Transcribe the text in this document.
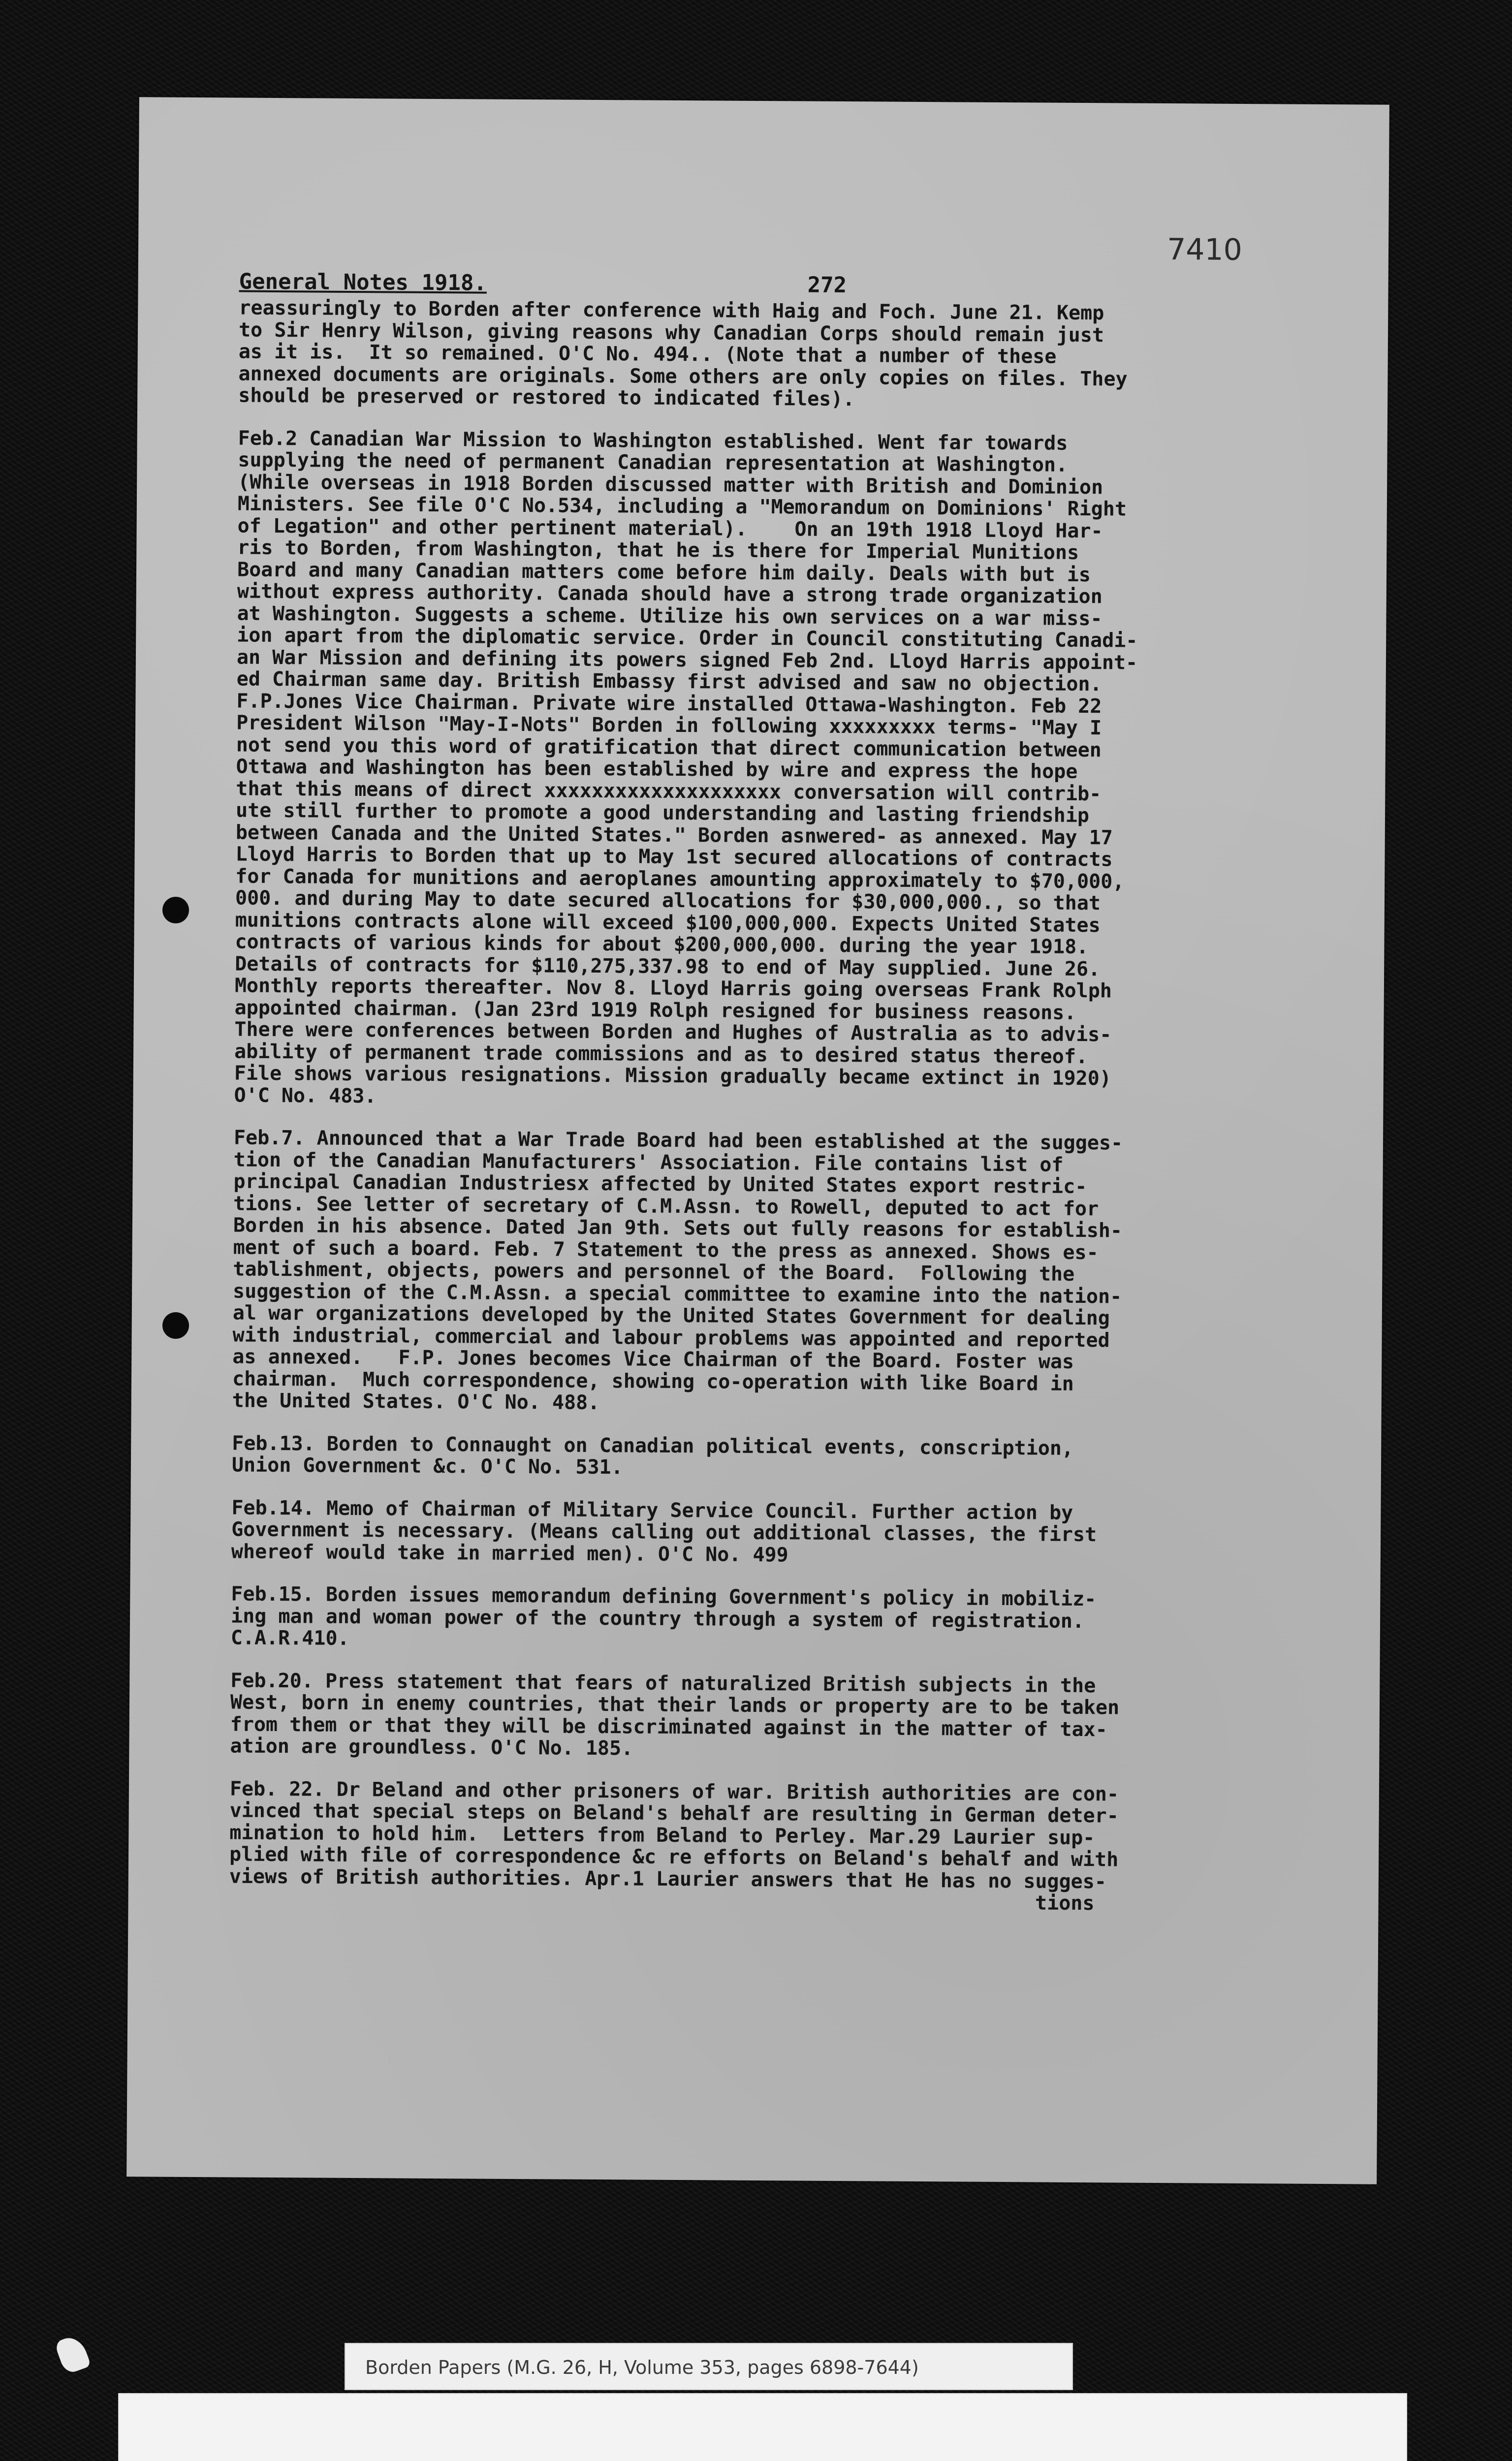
7410
General Notes 1918.	272

reassuringly to Borden after conference with Haig and Foch. June 21. Kemp
to Sir Henry Wilson, giving reasons why Canadian Corps should remain just
as it is.  It so remained. O'C No. 494.. (Note that a number of these
annexed documents are originals. Some others are only copies on files. They
should be preserved or restored to indicated files).

Feb.2 Canadian War Mission to Washington established. Went far towards
supplying the need of permanent Canadian representation at Washington.
(While overseas in 1918 Borden discussed matter with British and Dominion
Ministers. See file O'C No.534, including a "Memorandum on Dominions' Right
of Legation" and other pertinent material).    On an 19th 1918 Lloyd Har-
ris to Borden, from Washington, that he is there for Imperial Munitions
Board and many Canadian matters come before him daily. Deals with but is
without express authority. Canada should have a strong trade organization
at Washington. Suggests a scheme. Utilize his own services on a war miss-
ion apart from the diplomatic service. Order in Council constituting Canadi-
an War Mission and defining its powers signed Feb 2nd. Lloyd Harris appoint-
ed Chairman same day. British Embassy first advised and saw no objection.
F.P.Jones Vice Chairman. Private wire installed Ottawa-Washington. Feb 22
President Wilson "May-I-Nots" Borden in following xxxxxxxxx terms- "May I
not send you this word of gratification that direct communication between
Ottawa and Washington has been established by wire and express the hope
that this means of direct xxxxxxxxxxxxxxxxxxxx conversation will contrib-
ute still further to promote a good understanding and lasting friendship
between Canada and the United States." Borden asnwered- as annexed. May 17
Lloyd Harris to Borden that up to May 1st secured allocations of contracts
for Canada for munitions and aeroplanes amounting approximately to $70,000,
000. and during May to date secured allocations for $30,000,000., so that
munitions contracts alone will exceed $100,000,000. Expects United States
contracts of various kinds for about $200,000,000. during the year 1918.
Details of contracts for $110,275,337.98 to end of May supplied. June 26.
Monthly reports thereafter. Nov 8. Lloyd Harris going overseas Frank Rolph
appointed chairman. (Jan 23rd 1919 Rolph resigned for business reasons.
There were conferences between Borden and Hughes of Australia as to advis-
ability of permanent trade commissions and as to desired status thereof.
File shows various resignations. Mission gradually became extinct in 1920)
O'C No. 483.

Feb.7. Announced that a War Trade Board had been established at the sugges-
tion of the Canadian Manufacturers' Association. File contains list of
principal Canadian Industriesx affected by United States export restric-
tions. See letter of secretary of C.M.Assn. to Rowell, deputed to act for
Borden in his absence. Dated Jan 9th. Sets out fully reasons for establish-
ment of such a board. Feb. 7 Statement to the press as annexed. Shows es-
tablishment, objects, powers and personnel of the Board.  Following the
suggestion of the C.M.Assn. a special committee to examine into the nation-
al war organizations developed by the United States Government for dealing
with industrial, commercial and labour problems was appointed and reported
as annexed.   F.P. Jones becomes Vice Chairman of the Board. Foster was
chairman.  Much correspondence, showing co-operation with like Board in
the United States. O'C No. 488.

Feb.13. Borden to Connaught on Canadian political events, conscription,
Union Government &c. O'C No. 531.

Feb.14. Memo of Chairman of Military Service Council. Further action by
Government is necessary. (Means calling out additional classes, the first
whereof would take in married men). O'C No. 499

Feb.15. Borden issues memorandum defining Government's policy in mobiliz-
ing man and woman power of the country through a system of registration.
C.A.R.410.

Feb.20. Press statement that fears of naturalized British subjects in the
West, born in enemy countries, that their lands or property are to be taken
from them or that they will be discriminated against in the matter of tax-
ation are groundless. O'C No. 185.

Feb. 22. Dr Beland and other prisoners of war. British authorities are con-
vinced that special steps on Beland's behalf are resulting in German deter-
mination to hold him.  Letters from Beland to Perley. Mar.29 Laurier sup-
plied with file of correspondence &c re efforts on Beland's behalf and with
views of British authorities. Apr.1 Laurier answers that He has no sugges-
tions

Borden Papers (M.G. 26, H, Volume 353, pages 6898-7644)
